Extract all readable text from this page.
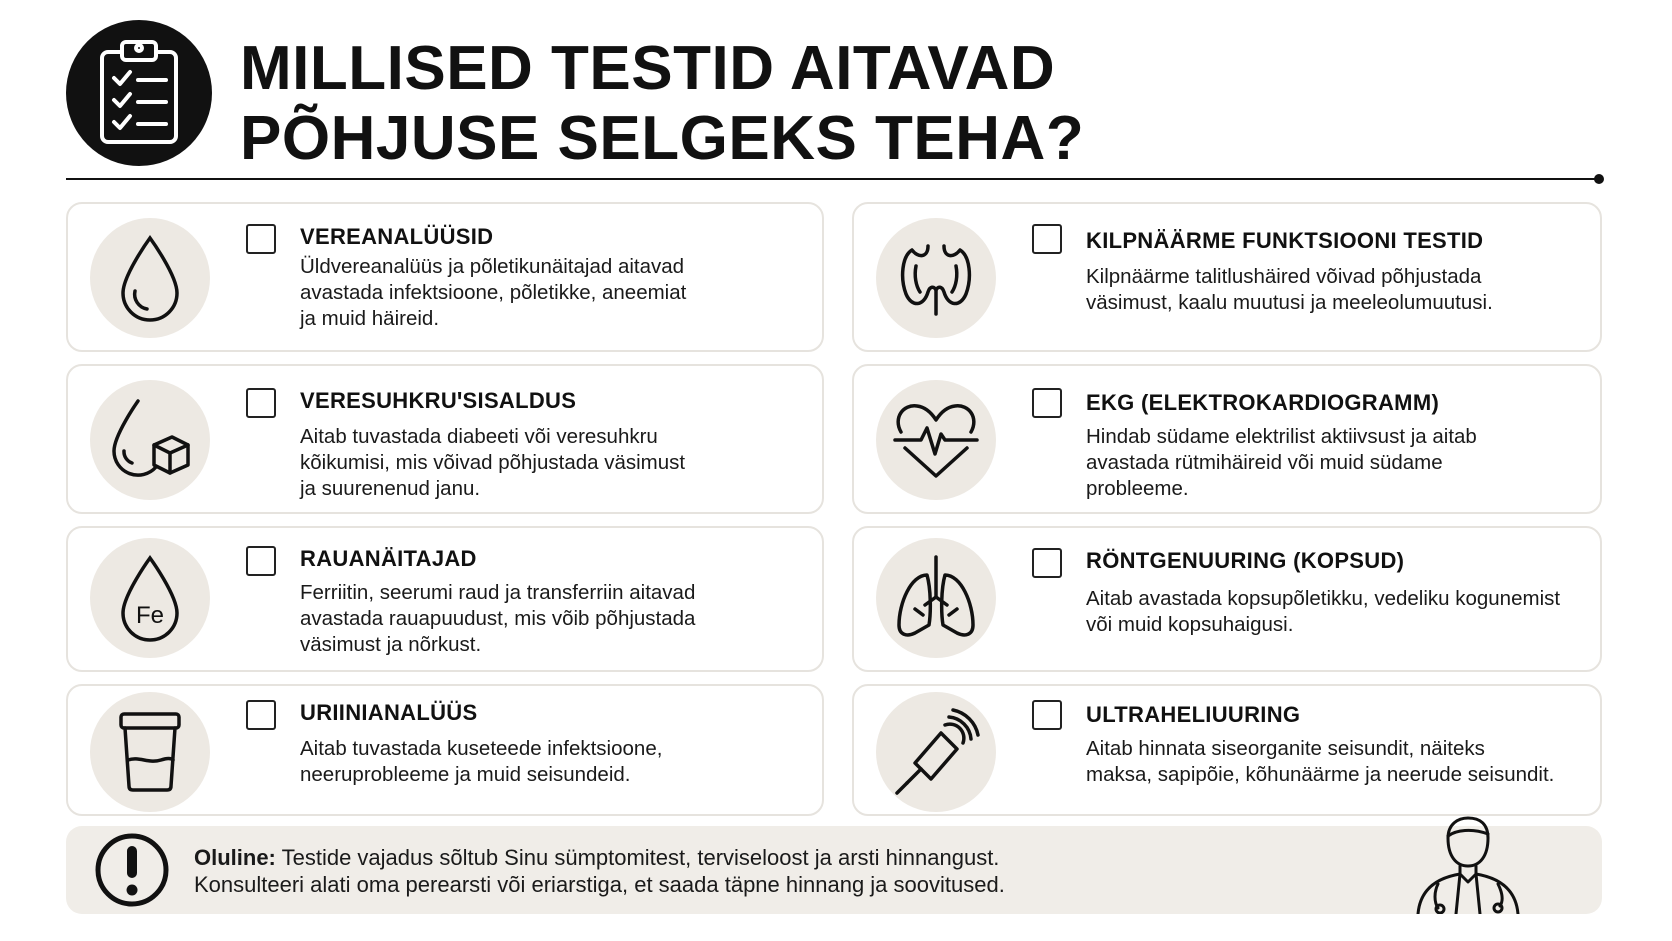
MILLISED TESTID AITAVAD
PÕHJUSE SELGEKS TEHA?
VEREANALÜÜSID

Üldvereanalüüs ja põletikunäitajad aitavad
avastada infektsioone, põletikke, aneemiat
ja muid häireid.

KILPNÄÄRME FUNKTSIOONI TESTID

Kilpnäärme talitlushäired võivad põhjustada
väsimust, kaalu muutusi ja meeleolumuutusi.

VERESUHKRUꞌSISALDUS

Aitab tuvastada diabeeti või veresuhkru
kõikumisi, mis võivad põhjustada väsimust
ja suurenenud janu.

EKG (ELEKTROKARDIOGRAMM)

Hindab südame elektrilist aktiivsust ja aitab
avastada rütmihäireid või muid südame
probleeme.

Fe
RAUANÄITAJAD

Ferriitin, seerumi raud ja transferriin aitavad
avastada rauapuudust, mis võib põhjustada
väsimust ja nõrkust.

RÖNTGENUURING (KOPSUD)

Aitab avastada kopsupõletikku, vedeliku kogunemist
või muid kopsuhaigusi.

URIINIANALÜÜS

Aitab tuvastada kuseteede infektsioone,
neeruprobleeme ja muid seisundeid.

ULTRAHELIUURING

Aitab hinnata siseorganite seisundit, näiteks
maksa, sapipõie, kõhunäärme ja neerude seisundit.

Oluline: Testide vajadus sõltub Sinu sümptomitest, terviseloost ja arsti hinnangust.
Konsulteeri alati oma perearsti või eriarstiga, et saada täpne hinnang ja soovitused.
